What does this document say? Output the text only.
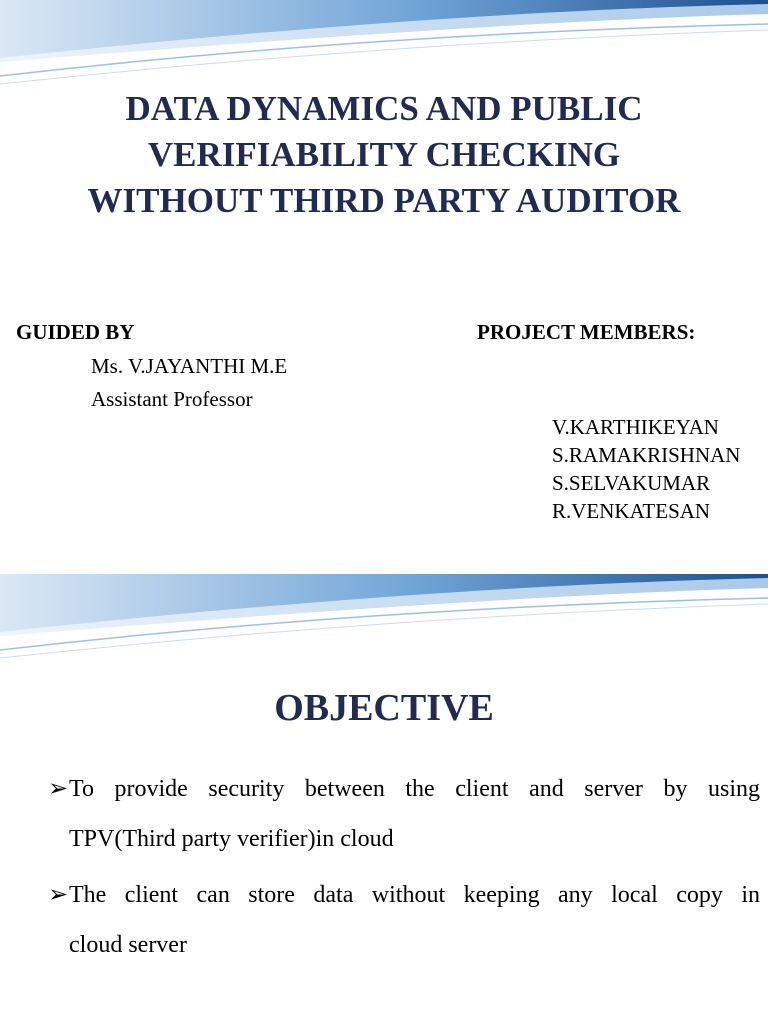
DATA DYNAMICS AND PUBLIC
VERIFIABILITY CHECKING
WITHOUT THIRD PARTY AUDITOR

GUIDED BY

Ms. V.JAYANTHI M.E

Assistant Professor

PROJECT MEMBERS:

V.KARTHIKEYAN

S.RAMAKRISHNAN

S.SELVAKUMAR

R.VENKATESAN

OBJECTIVE
➢To provide security between the client and server by using
TPV(Third party verifier)in cloud
➢The client can store data without keeping any local copy in
cloud server
